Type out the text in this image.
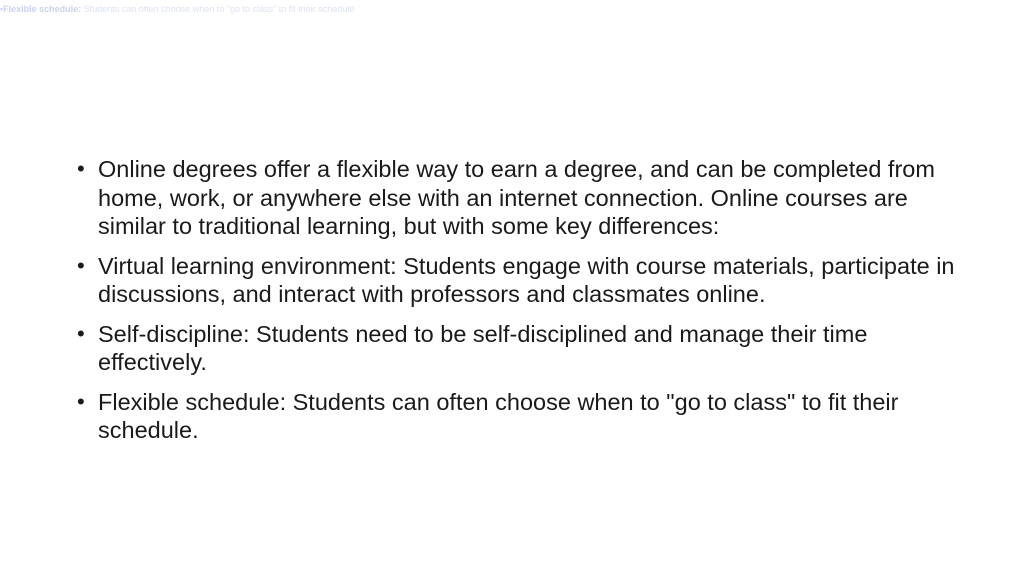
•Flexible schedule: Students can often choose when to "go to class" to fit their schedule.
• Online degrees offer a flexible way to earn a degree, and can be completed from home, work, or anywhere else with an internet connection. Online courses are similar to traditional learning, but with some key differences:
• Virtual learning environment: Students engage with course materials, participate in discussions, and interact with professors and classmates online.
• Self-discipline: Students need to be self-disciplined and manage their time effectively.
• Flexible schedule: Students can often choose when to "go to class" to fit their schedule.
